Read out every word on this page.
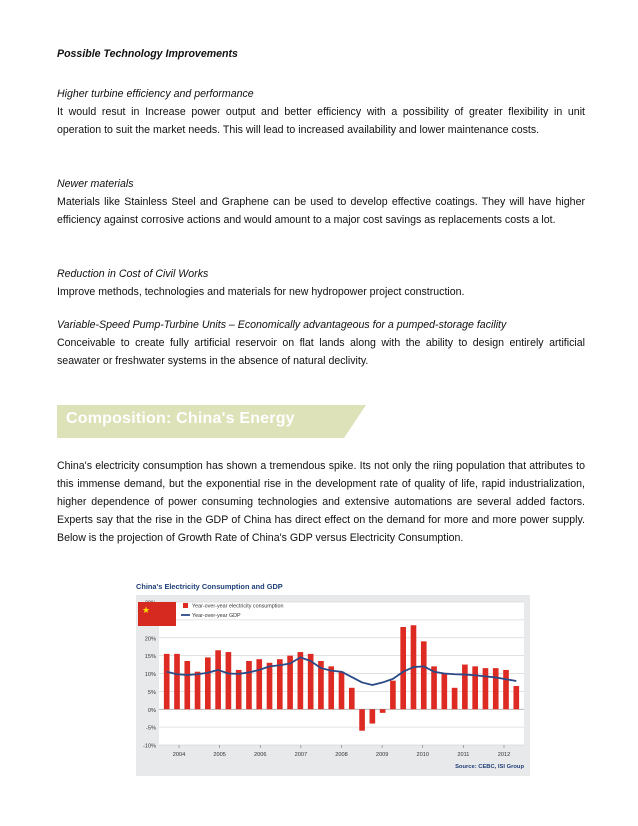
Possible Technology Improvements
Higher turbine efficiency and performance
It would resut in Increase power output and better efficiency with a possibility of greater flexibility in unit operation to suit the market needs. This will lead to increased availability and lower maintenance costs.
Newer materials
Materials like Stainless Steel and Graphene can be used to develop effective coatings. They will have higher efficiency against corrosive actions and would amount to a major cost savings as replacements costs a lot.
Reduction in Cost of Civil Works
Improve methods, technologies and materials for new hydropower project construction.
Variable-Speed Pump-Turbine Units – Economically advantageous for a pumped-storage facility
Conceivable to create fully artificial reservoir on flat lands along with the ability to design entirely artificial seawater or freshwater systems in the absence of natural declivity.
Composition: China's Energy
China's electricity consumption has shown a tremendous spike. Its not only the riing population that attributes to this immense demand, but the exponential rise in the development rate of quality of life, rapid industrialization, higher dependence of power consuming technologies and extensive automations are several added factors. Experts say that the rise in the GDP of China has direct effect on the demand for more and more power supply. Below is the projection of Growth Rate of China's GDP versus Electricity Consumption.
China's Electricity Consumption and GDP
20%
15%
10%
5%
0%
-5%
-10%
2004	2005	2006	2007	2008	2009	2010	2011	2012
★	Year-over-year electricity consumption
Year-over-year GDP
Source: CEBC, ISI Group
